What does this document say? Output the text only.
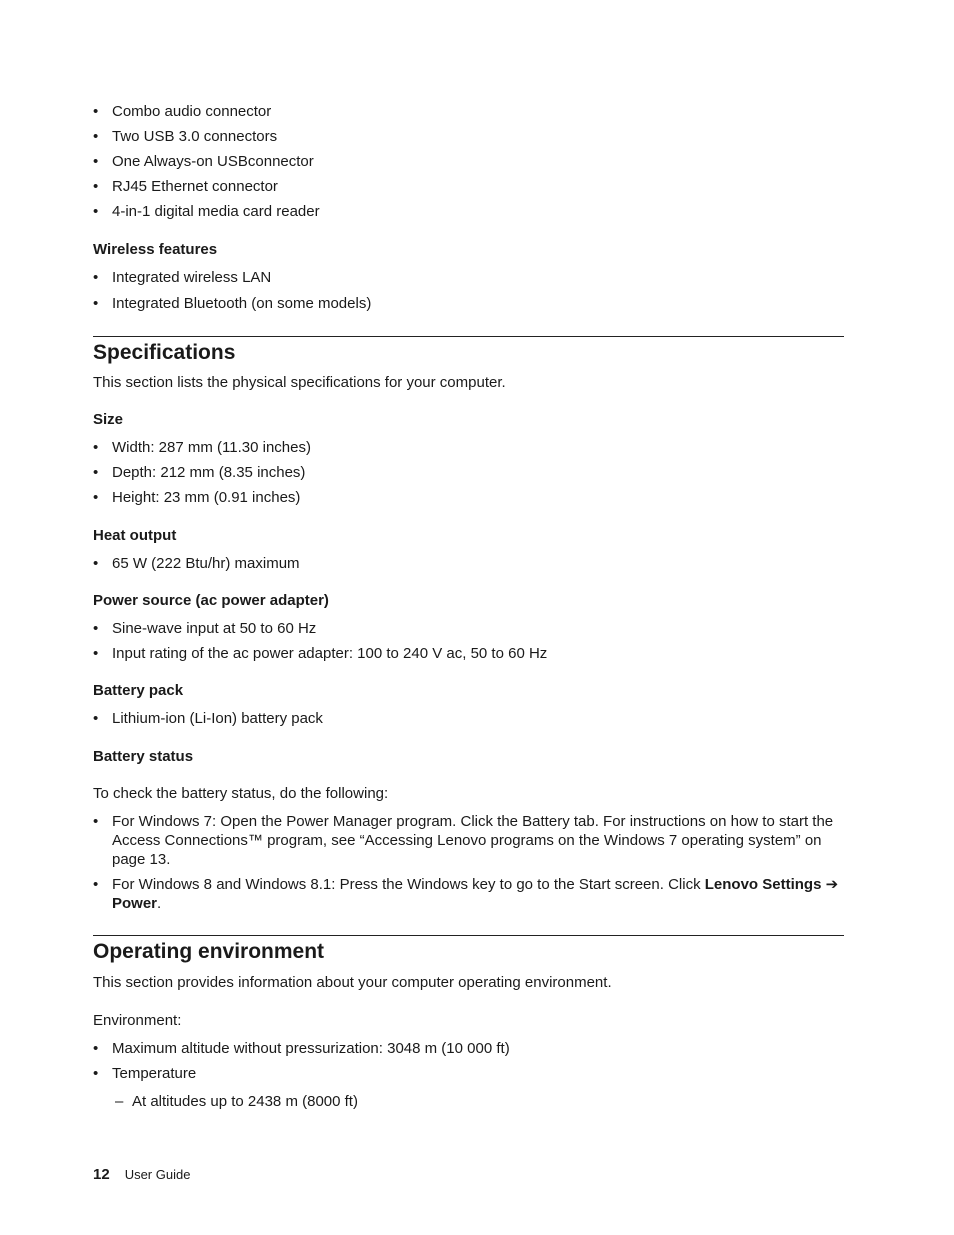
• Combo audio connector
• Two USB 3.0 connectors
• One Always-on USBconnector
• RJ45 Ethernet connector
• 4-in-1 digital media card reader
Wireless features
• Integrated wireless LAN
• Integrated Bluetooth (on some models)
Specifications

This section lists the physical specifications for your computer.

Size
• Width: 287 mm (11.30 inches)
• Depth: 212 mm (8.35 inches)
• Height: 23 mm (0.91 inches)
Heat output
• 65 W (222 Btu/hr) maximum
Power source (ac power adapter)
• Sine-wave input at 50 to 60 Hz
• Input rating of the ac power adapter: 100 to 240 V ac, 50 to 60 Hz
Battery pack
• Lithium-ion (Li-Ion) battery pack
Battery status

To check the battery status, do the following:

• For Windows 7: Open the Power Manager program. Click the Battery tab. For instructions on how to start the Access Connections™ program, see “Accessing Lenovo programs on the Windows 7 operating system” on page 13.
• For Windows 8 and Windows 8.1: Press the Windows key to go to the Start screen. Click Lenovo Settings ➔ Power.
Operating environment

This section provides information about your computer operating environment.

Environment:

• Maximum altitude without pressurization: 3048 m (10 000 ft)
• Temperature
– At altitudes up to 2438 m (8000 ft)
12 User Guide
